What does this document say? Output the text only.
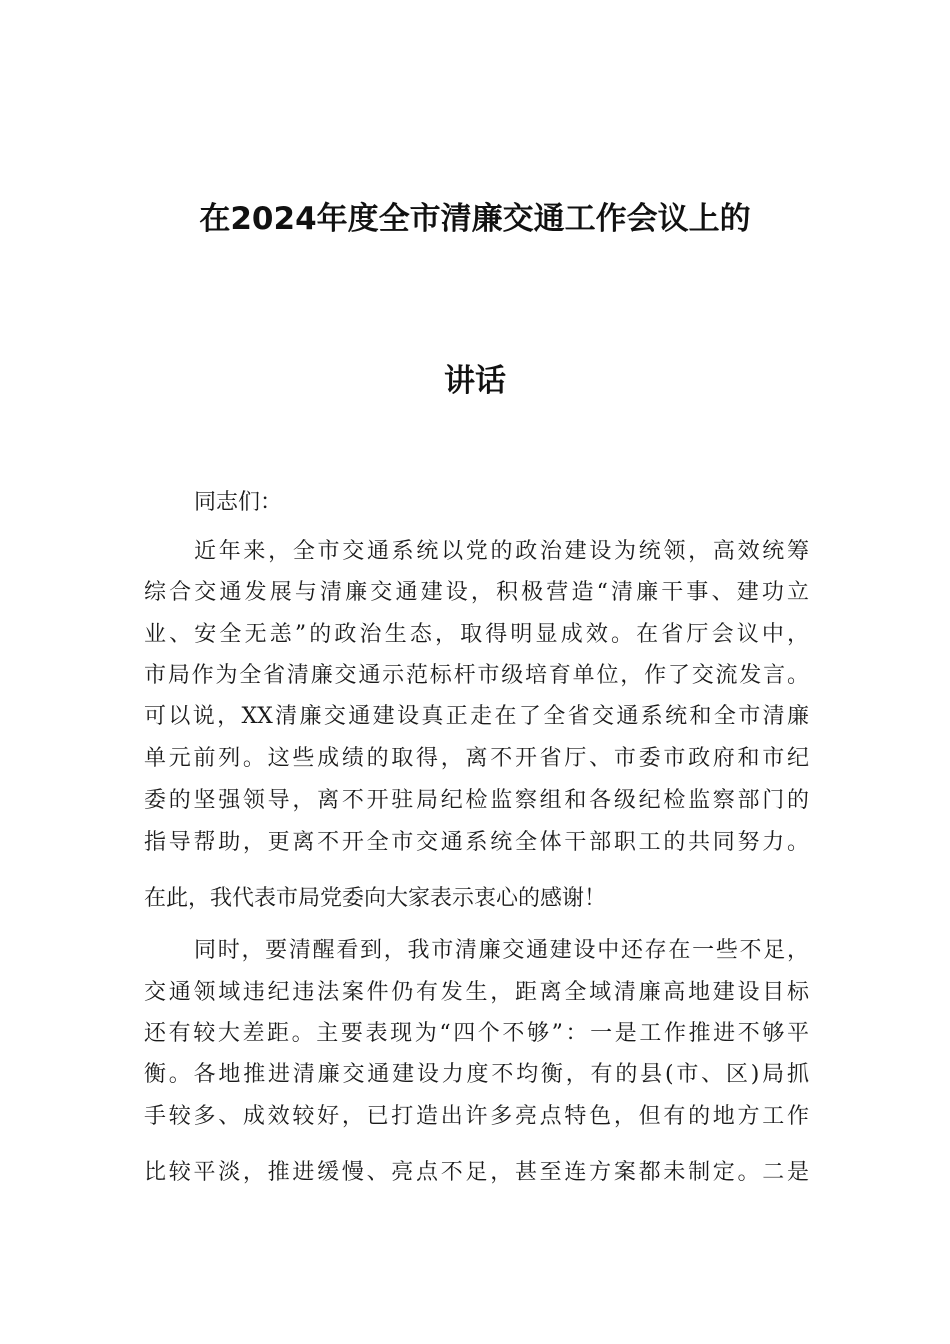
在2024年度全市清廉交通工作会议上的
讲话
同志们：
近年来，全市交通系统以党的政治建设为统领，高效统筹
综合交通发展与清廉交通建设，积极营造“清廉干事、建功立
业、安全无恙”的政治生态，取得明显成效。在省厅会议中，
市局作为全省清廉交通示范标杆市级培育单位，作了交流发言。
可以说，XX清廉交通建设真正走在了全省交通系统和全市清廉
单元前列。这些成绩的取得，离不开省厅、市委市政府和市纪
委的坚强领导，离不开驻局纪检监察组和各级纪检监察部门的
指导帮助，更离不开全市交通系统全体干部职工的共同努力。
在此，我代表市局党委向大家表示衷心的感谢！
同时，要清醒看到，我市清廉交通建设中还存在一些不足，
交通领域违纪违法案件仍有发生，距离全域清廉高地建设目标
还有较大差距。主要表现为“四个不够”：一是工作推进不够平
衡。各地推进清廉交通建设力度不均衡，有的县(市、区)局抓
手较多、成效较好，已打造出许多亮点特色，但有的地方工作
比较平淡，推进缓慢、亮点不足，甚至连方案都未制定。二是
